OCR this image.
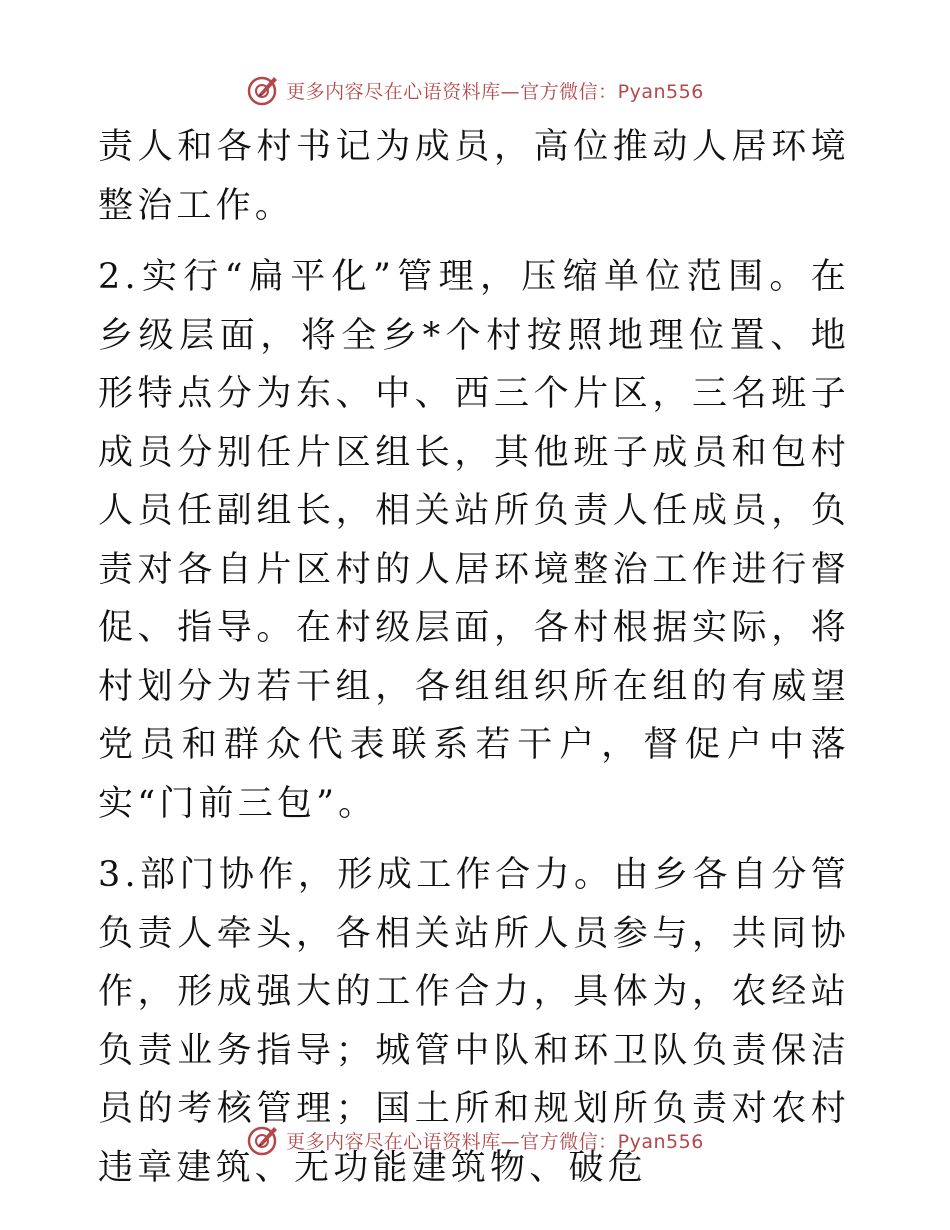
更多内容尽在心语资料库—官方微信：Pyan556

责人和各村书记为成员，高位推动人居环境整治工作。

2.实行“扁平化”管理，压缩单位范围。在乡级层面，将全乡*个村按照地理位置、地形特点分为东、中、西三个片区，三名班子成员分别任片区组长，其他班子成员和包村人员任副组长，相关站所负责人任成员，负责对各自片区村的人居环境整治工作进行督促、指导。在村级层面，各村根据实际，将村划分为若干组，各组组织所在组的有威望党员和群众代表联系若干户，督促户中落实“门前三包”。

3.部门协作，形成工作合力。由乡各自分管负责人牵头，各相关站所人员参与，共同协作，形成强大的工作合力，具体为，农经站负责业务指导；城管中队和环卫队负责保洁员的考核管理；国土所和规划所负责对农村违章建筑、无功能建筑物、破危

更多内容尽在心语资料库—官方微信：Pyan556
